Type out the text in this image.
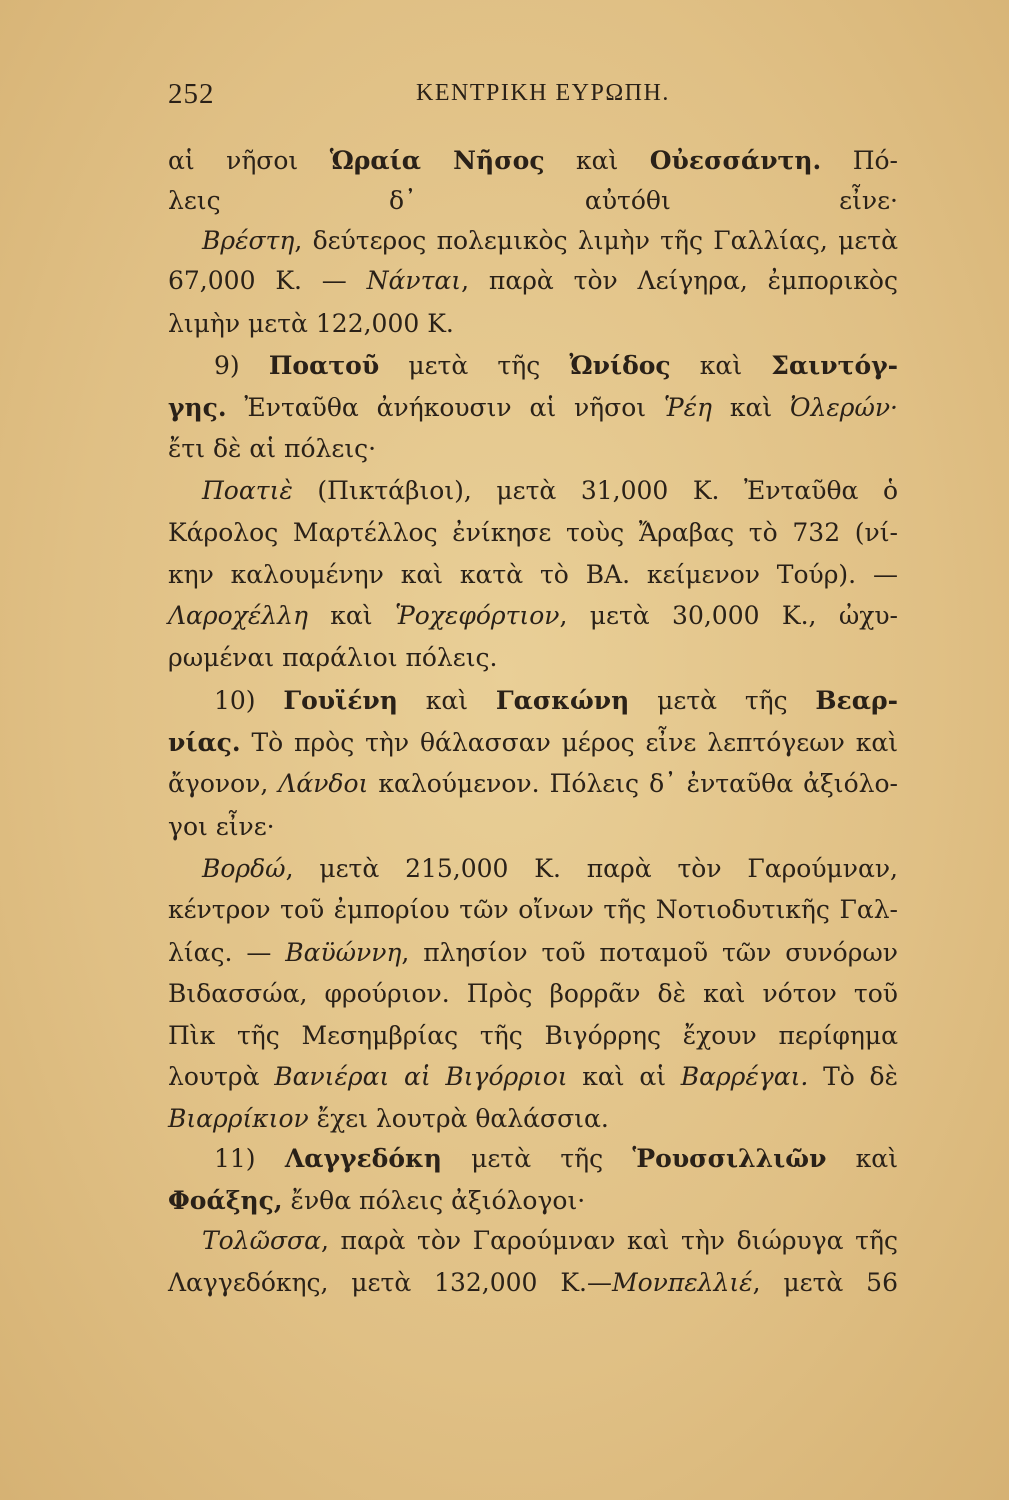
252	ΚΕΝΤΡΙΚΗ ΕΥΡΩΠΗ.
αἱ νῆσοι Ὡραία Νῆσος καὶ Οὐεσσάντη. Πό-
λεις δ᾽ αὐτόθι εἶνε·
Βρέστη, δεύτερος πολεμικὸς λιμὴν τῆς Γαλλίας, μετὰ
67,000 Κ. — Νάνται, παρὰ τὸν Λείγηρα, ἐμπορικὸς
λιμὴν μετὰ 122,000 Κ.
9) Ποατοῦ μετὰ τῆς Ὠνίδος καὶ Σαιντόγ-
γης. Ἐνταῦθα ἀνήκουσιν αἱ νῆσοι Ῥέη καὶ Ὀλερών·
ἔτι δὲ αἱ πόλεις·
Ποατιὲ (Πικτάβιοι), μετὰ 31,000 Κ. Ἐνταῦθα ὁ
Κάρολος Μαρτέλλος ἐνίκησε τοὺς Ἄραβας τὸ 732 (νί-
κην καλουμένην καὶ κατὰ τὸ ΒΑ. κείμενον Τούρ). —
Λαροχέλλη καὶ Ῥοχεφόρτιον, μετὰ 30,000 Κ., ὠχυ-
ρωμέναι παράλιοι πόλεις.
10) Γουϊένη καὶ Γασκώνη μετὰ τῆς Βεαρ-
νίας. Τὸ πρὸς τὴν θάλασσαν μέρος εἶνε λεπτόγεων καὶ
ἄγονον, Λάνδοι καλούμενον. Πόλεις δ᾽ ἐνταῦθα ἀξιόλο-
γοι εἶνε·
Βορδώ, μετὰ 215,000 Κ. παρὰ τὸν Γαρούμναν,
κέντρον τοῦ ἐμπορίου τῶν οἴνων τῆς Νοτιοδυτικῆς Γαλ-
λίας. — Βαϋώννη, πλησίον τοῦ ποταμοῦ τῶν συνόρων
Βιδασσώα, φρούριον. Πρὸς βορρᾶν δὲ καὶ νότον τοῦ
Πὶκ τῆς Μεσημβρίας τῆς Βιγόρρης ἔχουν περίφημα
λουτρὰ Βανιέραι αἱ Βιγόρριοι καὶ αἱ Βαρρέγαι. Τὸ δὲ
Βιαρρίκιον ἔχει λουτρὰ θαλάσσια.
11) Λαγγεδόκη μετὰ τῆς Ῥουσσιλλιῶν καὶ
Φοάξης, ἔνθα πόλεις ἀξιόλογοι·
Τολῶσσα, παρὰ τὸν Γαρούμναν καὶ τὴν διώρυγα τῆς
Λαγγεδόκης, μετὰ 132,000 Κ.—Μονπελλιέ, μετὰ 56
